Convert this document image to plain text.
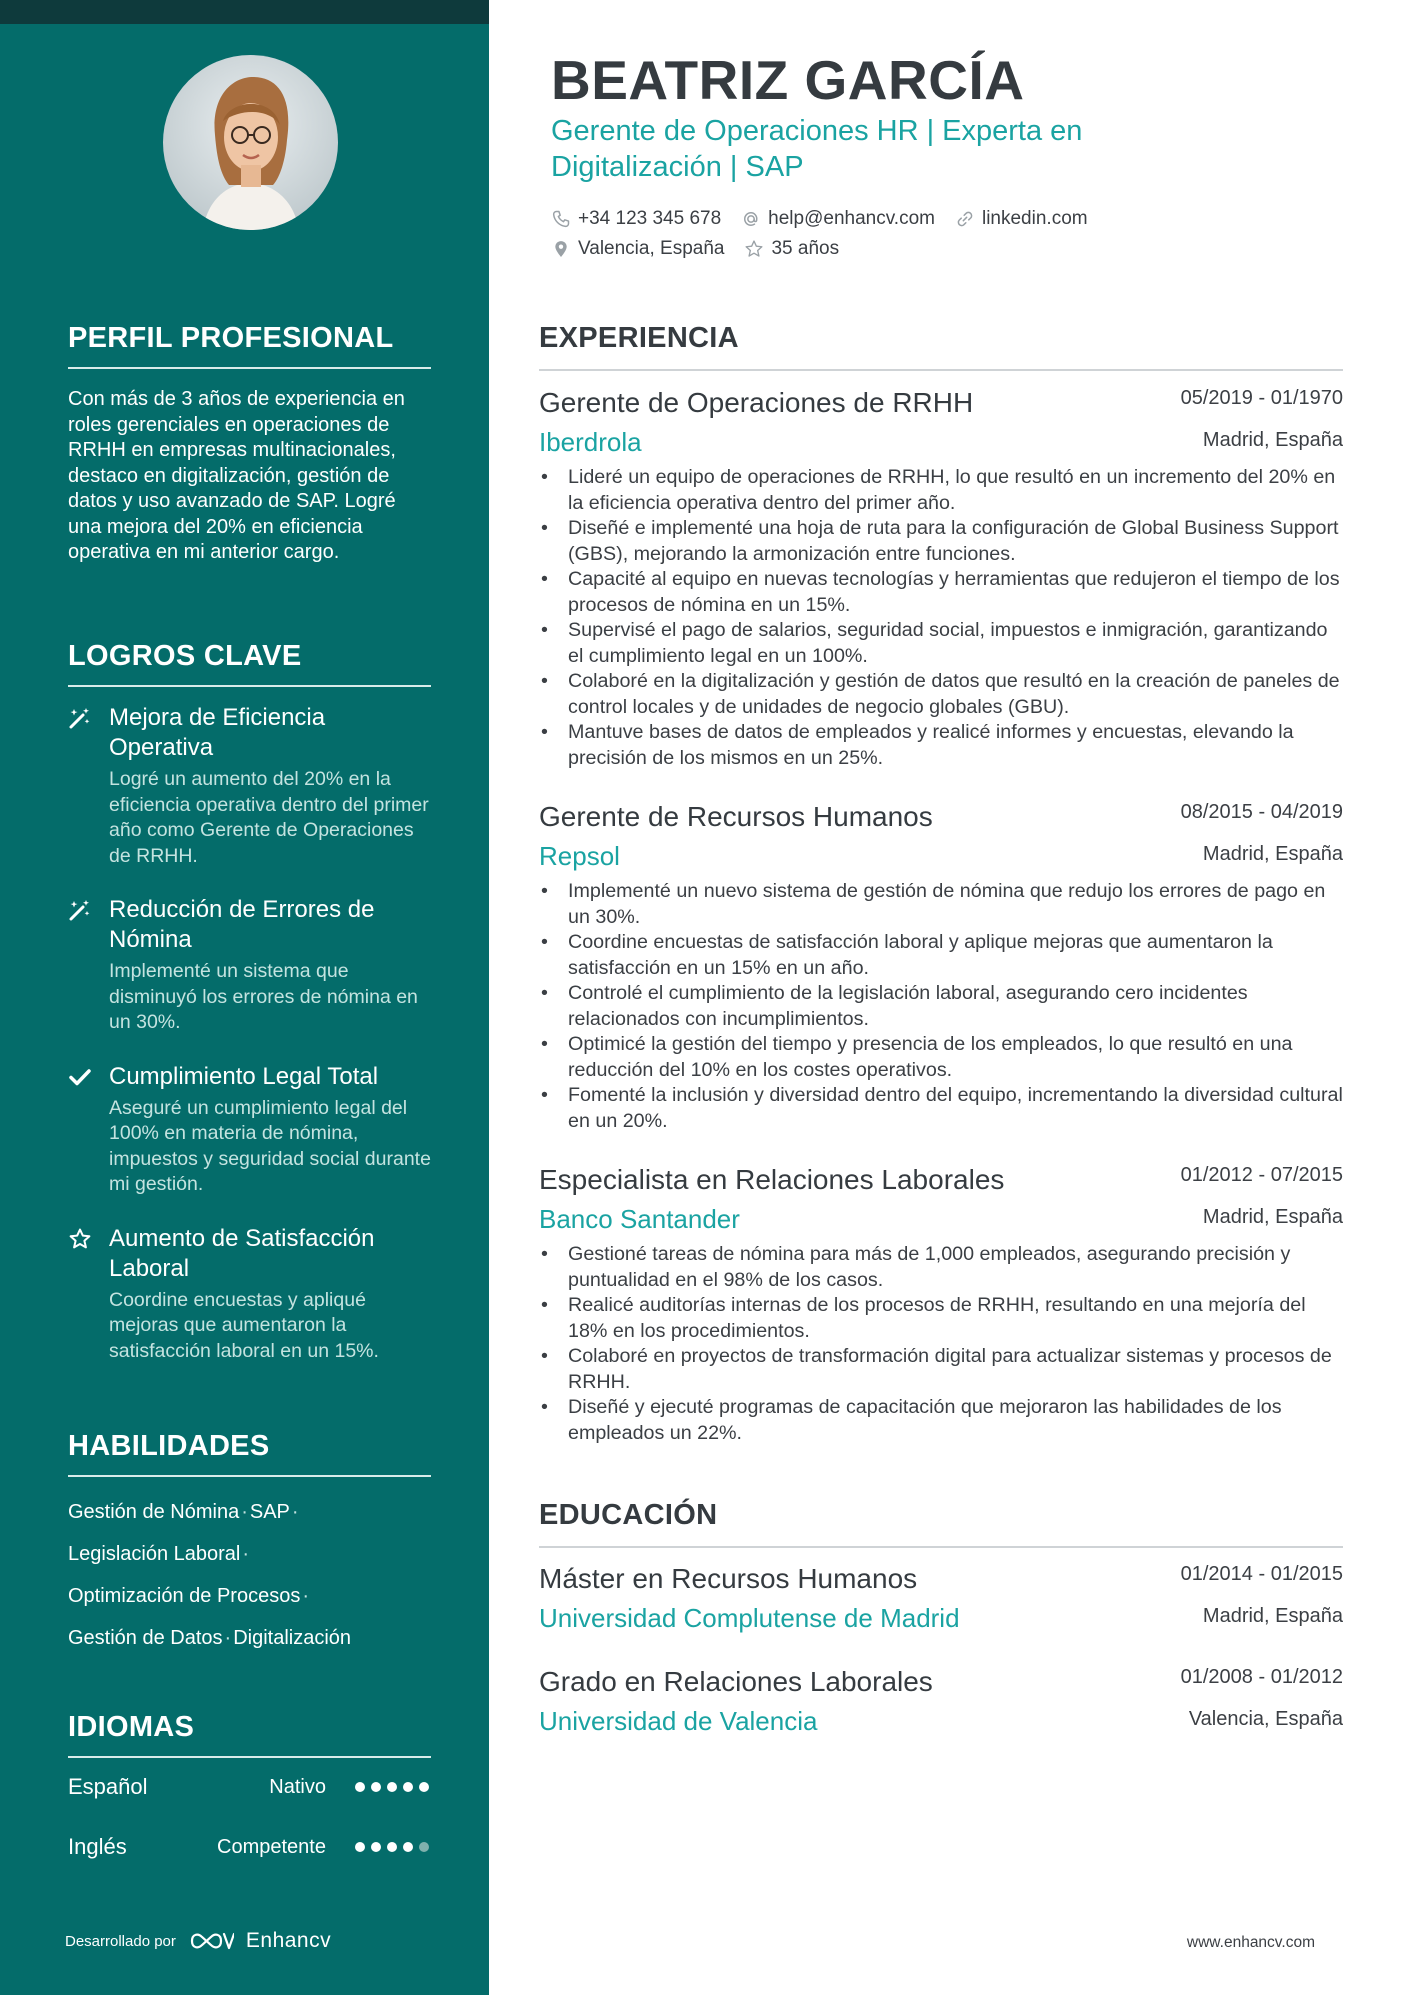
PERFIL PROFESIONAL

Con más de 3 años de experiencia en roles gerenciales en operaciones de RRHH en empresas multinacionales, destaco en digitalización, gestión de datos y uso avanzado de SAP. Logré una mejora del 20% en eficiencia operativa en mi anterior cargo.

LOGROS CLAVE
Mejora de Eficiencia Operativa
Logré un aumento del 20% en la eficiencia operativa dentro del primer año como Gerente de Operaciones de RRHH.
Reducción de Errores de Nómina
Implementé un sistema que disminuyó los errores de nómina en un 30%.
Cumplimiento Legal Total
Aseguré un cumplimiento legal del 100% en materia de nómina, impuestos y seguridad social durante mi gestión.
Aumento de Satisfacción Laboral
Coordine encuestas y apliqué mejoras que aumentaron la satisfacción laboral en un 15%.
HABILIDADES
Gestión de Nómina · SAP ·
Legislación Laboral ·
Optimización de Procesos ·
Gestión de Datos · Digitalización
IDIOMAS
Español	Nativo
Inglés	Competente
Desarrollado por	Enhancv
BEATRIZ GARCÍA
Gerente de Operaciones HR | Experta en Digitalización | SAP
+34 123 345 678 help@enhancv.com linkedin.com
Valencia, España 35 años
EXPERIENCIA
Gerente de Operaciones de RRHH	05/2019 - 01/1970
Iberdrola	Madrid, España
• Lideré un equipo de operaciones de RRHH, lo que resultó en un incremento del 20% en la eficiencia operativa dentro del primer año.
• Diseñé e implementé una hoja de ruta para la configuración de Global Business Support (GBS), mejorando la armonización entre funciones.
• Capacité al equipo en nuevas tecnologías y herramientas que redujeron el tiempo de los procesos de nómina en un 15%.
• Supervisé el pago de salarios, seguridad social, impuestos e inmigración, garantizando el cumplimiento legal en un 100%.
• Colaboré en la digitalización y gestión de datos que resultó en la creación de paneles de control locales y de unidades de negocio globales (GBU).
• Mantuve bases de datos de empleados y realicé informes y encuestas, elevando la precisión de los mismos en un 25%.
Gerente de Recursos Humanos	08/2015 - 04/2019
Repsol	Madrid, España
• Implementé un nuevo sistema de gestión de nómina que redujo los errores de pago en un 30%.
• Coordine encuestas de satisfacción laboral y aplique mejoras que aumentaron la satisfacción en un 15% en un año.
• Controlé el cumplimiento de la legislación laboral, asegurando cero incidentes relacionados con incumplimientos.
• Optimicé la gestión del tiempo y presencia de los empleados, lo que resultó en una reducción del 10% en los costes operativos.
• Fomenté la inclusión y diversidad dentro del equipo, incrementando la diversidad cultural en un 20%.
Especialista en Relaciones Laborales	01/2012 - 07/2015
Banco Santander	Madrid, España
• Gestioné tareas de nómina para más de 1,000 empleados, asegurando precisión y puntualidad en el 98% de los casos.
• Realicé auditorías internas de los procesos de RRHH, resultando en una mejoría del 18% en los procedimientos.
• Colaboré en proyectos de transformación digital para actualizar sistemas y procesos de RRHH.
• Diseñé y ejecuté programas de capacitación que mejoraron las habilidades de los empleados un 22%.
EDUCACIÓN
Máster en Recursos Humanos	01/2014 - 01/2015
Universidad Complutense de Madrid	Madrid, España
Grado en Relaciones Laborales	01/2008 - 01/2012
Universidad de Valencia	Valencia, España
www.enhancv.com
